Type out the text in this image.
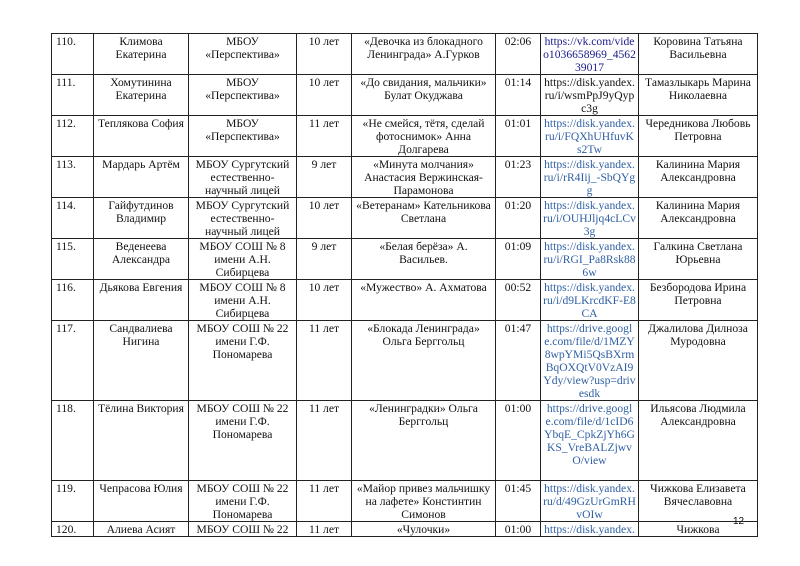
110.	Климова Екатерина	МБОУ «Перспектива»	10 лет	«Девочка из блокадного Ленинграда» А.Гурков	02:06	https://vk.com/video1036658969_456239017	Коровина Татьяна Васильевна
111.	Хомутинина Екатерина	МБОУ «Перспектива»	10 лет	«До свидания, мальчики» Булат Окуджава	01:14	https://disk.yandex.ru/i/wsmPpJ9yQypc3g	Тамазлыкарь Марина Николаевна
112.	Теплякова София	МБОУ «Перспектива»	11 лет	«Не смейся, тётя, сделай фотоснимок» Анна Долгарева	01:01	https://disk.yandex.ru/i/FQXhUHfuvKs2Tw	Чередникова Любовь Петровна
113.	Мардарь Артём	МБОУ Сургутский естественно-научный лицей	9 лет	«Минута молчания» Анастасия Вержинская-Парамонова	01:23	https://disk.yandex.ru/i/rR4Iij_-SbQYgg	Калинина Мария Александровна
114.	Гайфутдинов Владимир	МБОУ Сургутский естественно-научный лицей	10 лет	«Ветеранам» Кательникова Светлана	01:20	https://disk.yandex.ru/i/OUHJljq4cLCv3g	Калинина Мария Александровна
115.	Веденеева Александра	МБОУ СОШ № 8 имени А.Н. Сибирцева	9 лет	«Белая берёза» А. Васильев.	01:09	https://disk.yandex.ru/i/RGI_Pa8Rsk886w	Галкина Светлана Юрьевна
116.	Дьякова Евгения	МБОУ СОШ № 8 имени А.Н. Сибирцева	10 лет	«Мужество» А. Ахматова	00:52	https://disk.yandex.ru/i/d9LKrcdKF-E8CA	Безбородова Ирина Петровна
117.	Сандвалиева Нигина	МБОУ СОШ № 22 имени Г.Ф. Пономарева	11 лет	«Блокада Ленинграда» Ольга Берггольц	01:47	https://drive.google.com/file/d/1MZY8wpYMi5QsBXrmBqOXQtV0VzAI9Ydy/view?usp=drivesdk	Джалилова Дилноза Муродовна
118.	Тёлина Виктория	МБОУ СОШ № 22 имени Г.Ф. Пономарева	11 лет	«Ленинградки» Ольга Берггольц	01:00	https://drive.google.com/file/d/1cID6YbqE_CpkZjYh6GKS_VreBALZjwvO/view	Ильясова Людмила Александровна
119.	Чепрасова Юлия	МБОУ СОШ № 22 имени Г.Ф. Пономарева	11 лет	«Майор привез мальчишку на лафете» Констинтин Симонов	01:45	https://disk.yandex.ru/d/49GzUrGmRHvOIw	Чижкова Елизавета Вячеславовна
120.	Алиева Асият	МБОУ СОШ № 22	11 лет	«Чулочки»	01:00	https://disk.yandex.	Чижкова
12
